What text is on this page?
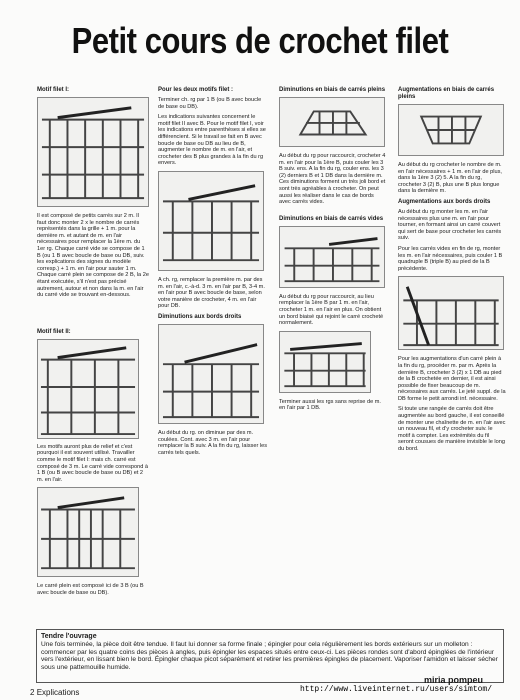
Petit cours de crochet filet
Motif filet I:
Il est composé de petits carrés sur 2 m. Il faut donc monter 2 x le nombre de carrés représentés dans la grille + 1 m. pour la dernière m. et autant de m. en l'air nécessaires pour remplacer la 1ère m. du 1er rg. Chaque carré vide se compose de 1 B (ou 1 B avec boucle de base ou DB, suiv. les explications des signes du modèle corresp.) + 1 m. en l'air pour sauter 1 m. Chaque carré plein se compose de 2 B, la 2e étant exécutée, s'il n'est pas précisé autrement, autour et non dans la m. en l'air du carré vide se trouvant en-dessous.
Motif filet II:
Les motifs auront plus de relief et c'est pourquoi il est souvent utilisé. Travailler comme le motif filet I: mais ch. carré est composé de 3 m. Le carré vide correspond à 1 B (ou B avec boucle de base ou DB) et 2 m. en l'air.
Le carré plein est composé ici de 3 B (ou B avec boucle de base ou DB).
Pour les deux motifs filet :
Terminer ch. rg par 1 B (ou B avec boucle de base ou DB).
Les indications suivantes concernent le motif filet II avec B. Pour le motif filet I, voir les indications entre parenthèses si elles se différencient. Si le travail se fait en B avec boucle de base ou DB au lieu de B, augmenter le nombre de m. en l'air, et crocheter des B plus grandes à la fin du rg envers.
A ch. rg, remplacer la première m. par des m. en l'air, c.-à-d. 3 m. en l'air par B, 3-4 m. en l'air pour B avec boucle de base, selon votre manière de crocheter, 4 m. en l'air pour DB.
Diminutions aux bords droits
Au début du rg. on diminue par des m. coulées. Cont. avec 3 m. en l'air pour remplacer la B suiv. A la fin du rg, laisser les carrés tels quels.
Diminutions en biais de carrés pleins
Au début du rg pour raccourcir, crocheter 4 m. en l'air pour la 1ère B, puis couler les 3 B suiv. ens. A la fin du rg, couler ens. les 3 (2) derniers B et 1 DB dans la dernière m. Ces diminutions forment un très joli bord et sont très agréables à crocheter. On peut aussi les réaliser dans le cas de bords avec carrés vides.
Diminutions en biais de carrés vides
Au début du rg pour raccourcir, au lieu remplacer la 1ère B par 1 m. en l'air, crocheter 1 m. en l'air en plus. On obtient un bord biaisé qui rejoint le carré crocheté normalement.
Terminer aussi les rgs sans reprise de m. en l'air par 1 DB.
Augmentations en biais de carrés pleins
Au début du rg crocheter le nombre de m. en l'air nécessaires + 1 m. en l'air de plus, dans la 1ère 3 (2) 5. A la fin du rg, crocheter 3 (2) B, plus une B plus longue dans la dernière m.
Augmentations aux bords droits
Au début du rg monter les m. en l'air nécessaires plus une m. en l'air pour tourner, en formant ainsi un carré couvert qui sert de base pour crocheter les carrés suiv.
Pour les carrés vides en fin de rg, monter les m. en l'air nécessaires, puis couler 1 B quadruple B (triple B) au pied de la B précédente.
Pour les augmentations d'un carré plein à la fin du rg, procéder m. par m. Après la dernière B, crocheter 3 (2) x 1 DB au pied de la B crochetée en dernier, il est ainsi possible de fixer beaucoup de m. nécessaires aux carrés. Le jeté suppl. de la DB forme le petit arrondi inf. nécessaire.
Si toute une rangée de carrés doit être augmentée au bord gauche, il est conseillé de monter une chaînette de m. en l'air avec un nouveau fil, et d'y crocheter suiv. le motif à compter. Les extrémités du fil seront cousues de manière invisible le long du bord.
Tendre l'ouvrage
Une fois terminée, la pièce doit être tendue. Il faut lui donner sa forme finale ; épingler pour cela régulièrement les bords extérieurs sur un molleton : commencer par les quatre coins des pièces à angles, puis épingler les espaces situés entre ceux-ci. Les pièces rondes sont d'abord épinglées de l'intérieur vers l'extérieur, en lissant bien le bord. Épingler chaque picot séparément et retirer les premières épingles de placement. Vaporiser l'amidon et laisser sécher sous une pattemouille humide.
2 Explications
miria pompeu
http://www.liveinternet.ru/users/simtom/
